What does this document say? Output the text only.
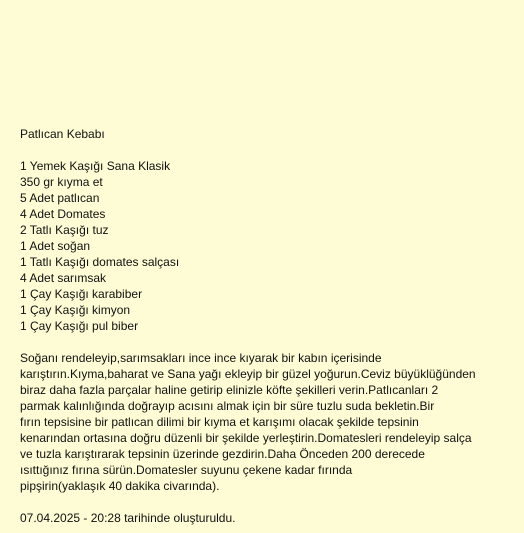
Patlıcan Kebabı
1 Yemek Kaşığı Sana Klasik
350 gr kıyma et
5 Adet patlıcan
4 Adet Domates
2 Tatlı Kaşığı tuz
1 Adet soğan
1 Tatlı Kaşığı domates salçası
4 Adet sarımsak
1 Çay Kaşığı karabiber
1 Çay Kaşığı kimyon
1 Çay Kaşığı pul biber
Soğanı rendeleyip,sarımsakları ince ince kıyarak bir kabın içerisinde
karıştırın.Kıyma,baharat ve Sana yağı ekleyip bir güzel yoğurun.Ceviz büyüklüğünden
biraz daha fazla parçalar haline getirip elinizle köfte şekilleri verin.Patlıcanları 2
parmak kalınlığında doğrayıp acısını almak için bir süre tuzlu suda bekletin.Bir
fırın tepsisine bir patlıcan dilimi bir kıyma et karışımı olacak şekilde tepsinin
kenarından ortasına doğru düzenli bir şekilde yerleştirin.Domatesleri rendeleyip salça
ve tuzla karıştırarak tepsinin üzerinde gezdirin.Daha Önceden 200 derecede
ısıttığınız fırına sürün.Domatesler suyunu çekene kadar fırında
pipşirin(yaklaşık 40 dakika civarında).
07.04.2025 - 20:28 tarihinde oluşturuldu.
